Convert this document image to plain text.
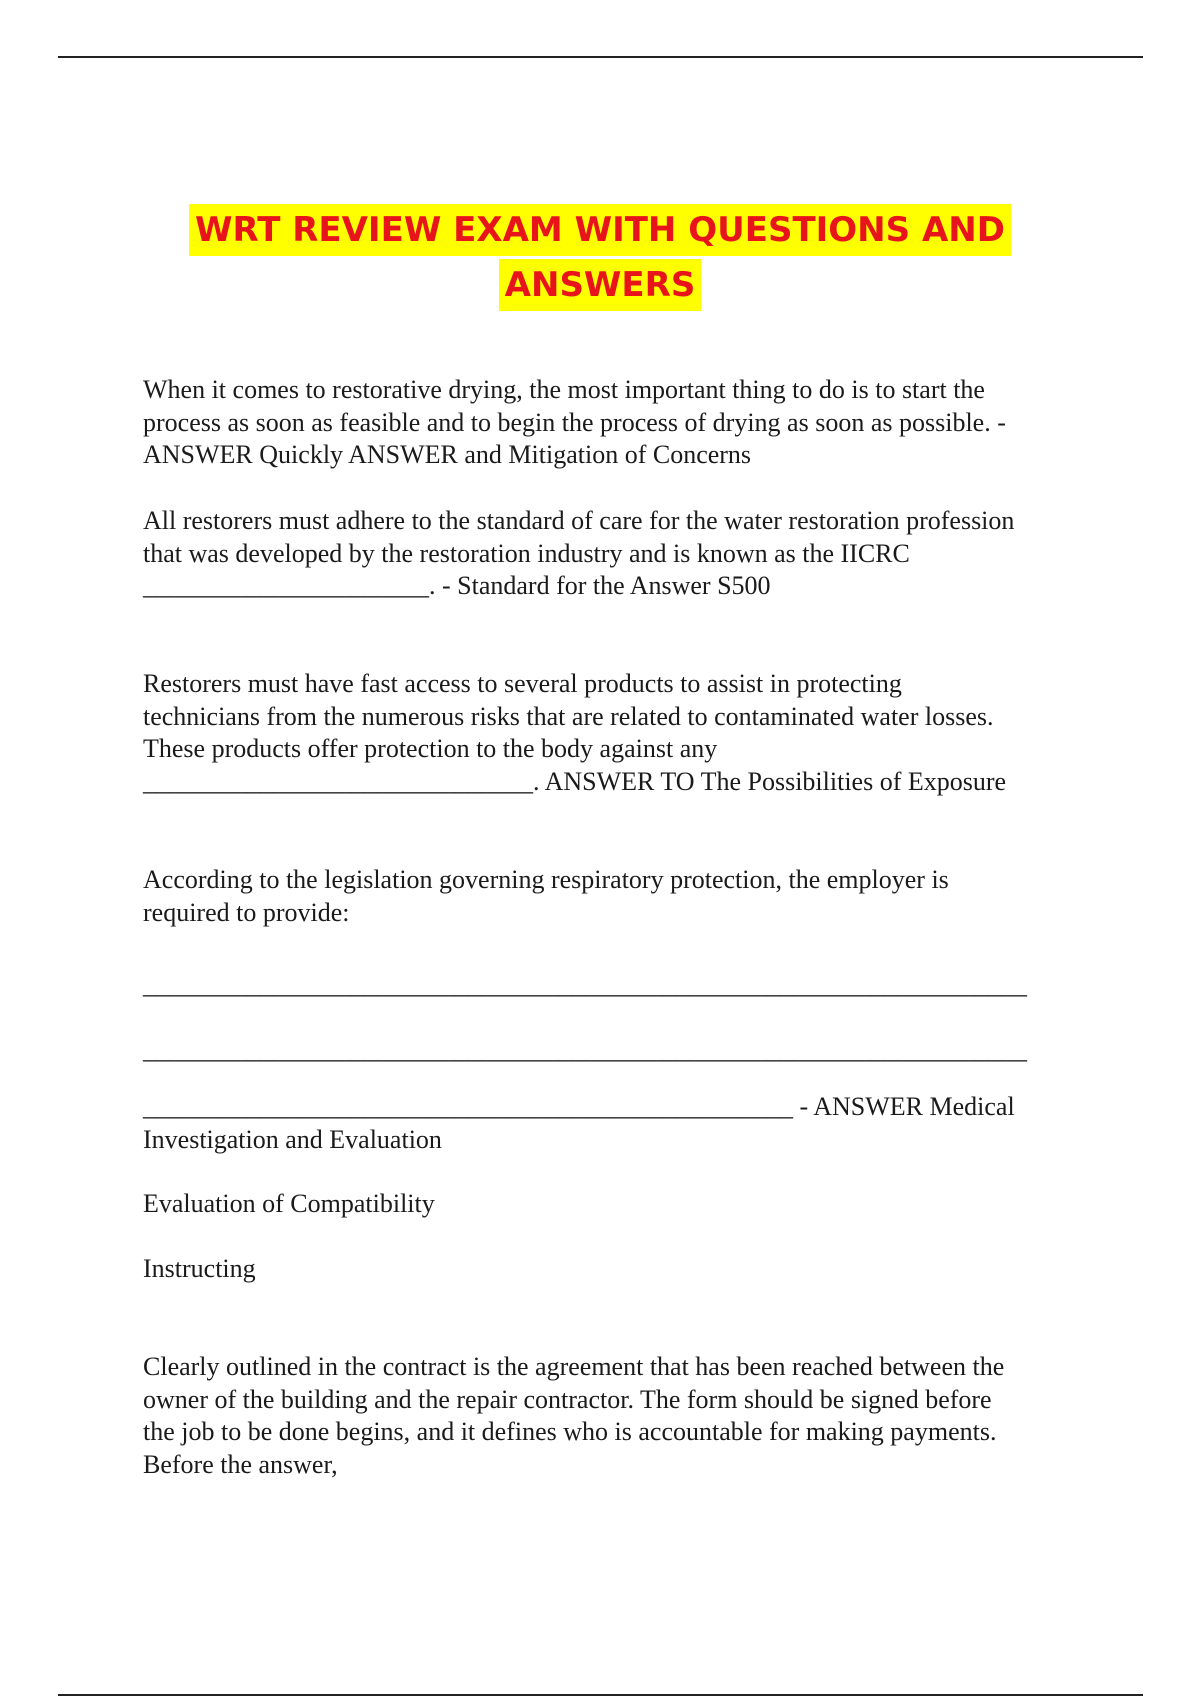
WRT REVIEW EXAM WITH QUESTIONS AND
ANSWERS
When it comes to restorative drying, the most important thing to do is to start the
process as soon as feasible and to begin the process of drying as soon as possible. -
ANSWER Quickly ANSWER and Mitigation of Concerns
All restorers must adhere to the standard of care for the water restoration profession
that was developed by the restoration industry and is known as the IICRC
______________________. - Standard for the Answer S500
Restorers must have fast access to several products to assist in protecting
technicians from the numerous risks that are related to contaminated water losses.
These products offer protection to the body against any
______________________________. ANSWER TO The Possibilities of Exposure
According to the legislation governing respiratory protection, the employer is
required to provide:
____________________________________________________________________
____________________________________________________________________
__________________________________________________ - ANSWER Medical
Investigation and Evaluation
Evaluation of Compatibility
Instructing
Clearly outlined in the contract is the agreement that has been reached between the
owner of the building and the repair contractor. The form should be signed before
the job to be done begins, and it defines who is accountable for making payments.
Before the answer,
